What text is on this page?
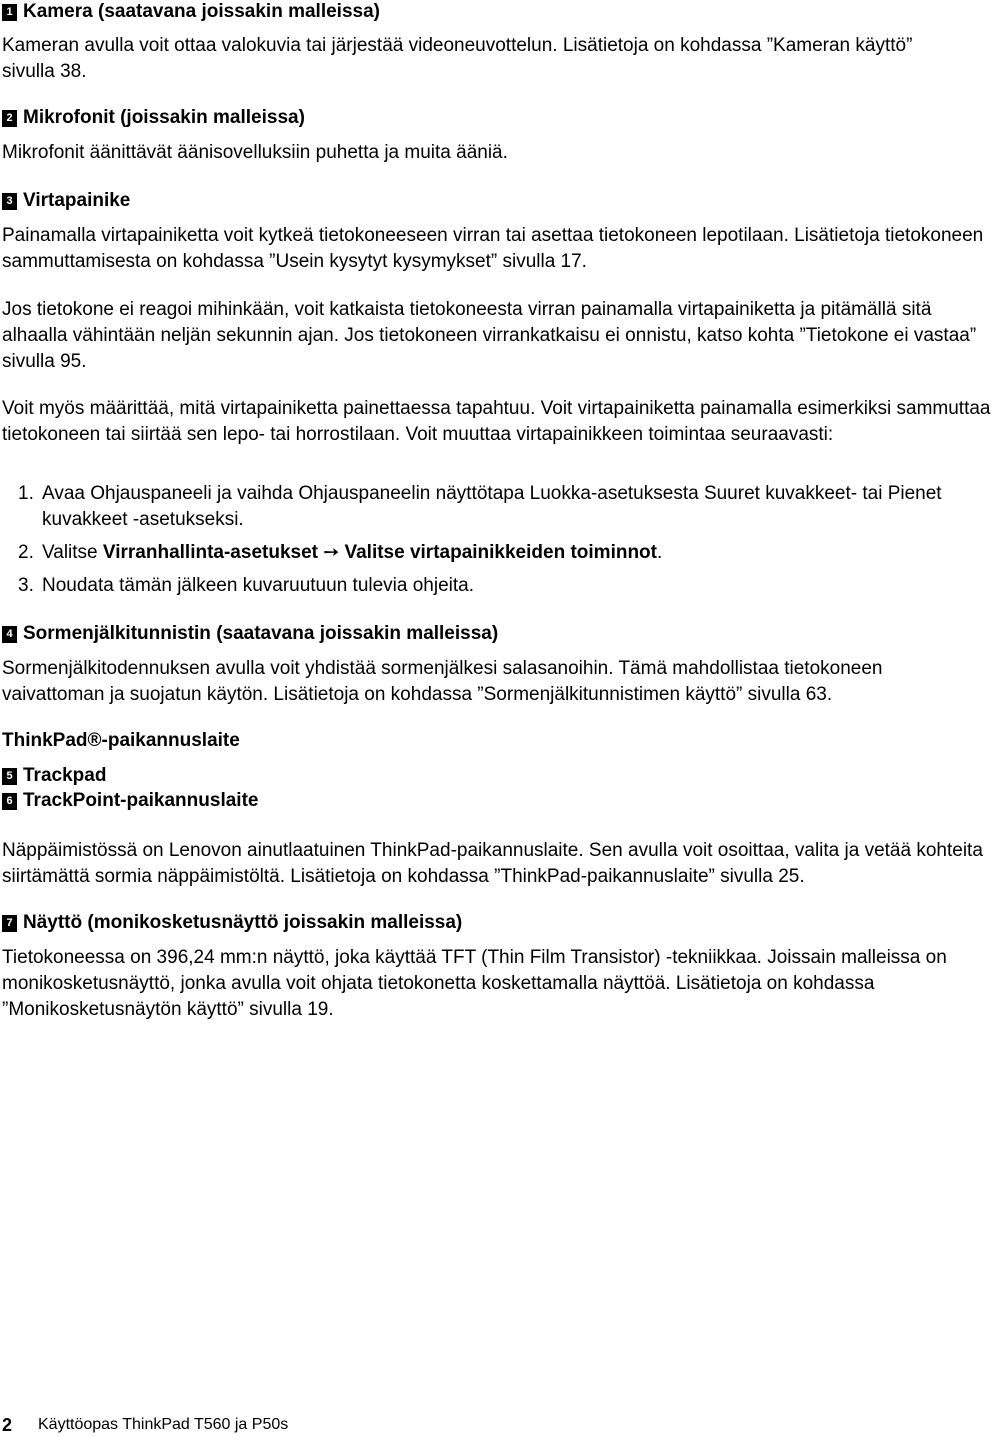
1 Kamera (saatavana joissakin malleissa)

Kameran avulla voit ottaa valokuvia tai järjestää videoneuvottelun. Lisätietoja on kohdassa ”Kameran käyttö” sivulla 38.

2 Mikrofonit (joissakin malleissa)

Mikrofonit äänittävät äänisovelluksiin puhetta ja muita ääniä.

3 Virtapainike

Painamalla virtapainiketta voit kytkeä tietokoneeseen virran tai asettaa tietokoneen lepotilaan. Lisätietoja tietokoneen sammuttamisesta on kohdassa ”Usein kysytyt kysymykset” sivulla 17.

Jos tietokone ei reagoi mihinkään, voit katkaista tietokoneesta virran painamalla virtapainiketta ja pitämällä sitä alhaalla vähintään neljän sekunnin ajan. Jos tietokoneen virrankatkaisu ei onnistu, katso kohta ”Tietokone ei vastaa” sivulla 95.

Voit myös määrittää, mitä virtapainiketta painettaessa tapahtuu. Voit virtapainiketta painamalla esimerkiksi sammuttaa tietokoneen tai siirtää sen lepo- tai horrostilaan. Voit muuttaa virtapainikkeen toimintaa seuraavasti:

1. Avaa Ohjauspaneeli ja vaihda Ohjauspaneelin näyttötapa Luokka-asetuksesta Suuret kuvakkeet- tai Pienet kuvakkeet -asetukseksi.
2. Valitse Virranhallinta-asetukset ➙ Valitse virtapainikkeiden toiminnot.
3. Noudata tämän jälkeen kuvaruutuun tulevia ohjeita.
4 Sormenjälkitunnistin (saatavana joissakin malleissa)

Sormenjälkitodennuksen avulla voit yhdistää sormenjälkesi salasanoihin. Tämä mahdollistaa tietokoneen vaivattoman ja suojatun käytön. Lisätietoja on kohdassa ”Sormenjälkitunnistimen käyttö” sivulla 63.

ThinkPad®-paikannuslaite
5 Trackpad
6 TrackPoint-paikannuslaite

Näppäimistössä on Lenovon ainutlaatuinen ThinkPad-paikannuslaite. Sen avulla voit osoittaa, valita ja vetää kohteita siirtämättä sormia näppäimistöltä. Lisätietoja on kohdassa ”ThinkPad-paikannuslaite” sivulla 25.

7 Näyttö (monikosketusnäyttö joissakin malleissa)

Tietokoneessa on 396,24 mm:n näyttö, joka käyttää TFT (Thin Film Transistor) -tekniikkaa. Joissain malleissa on monikosketusnäyttö, jonka avulla voit ohjata tietokonetta koskettamalla näyttöä. Lisätietoja on kohdassa ”Monikosketusnäytön käyttö” sivulla 19.

2	Käyttöopas ThinkPad T560 ja P50s
